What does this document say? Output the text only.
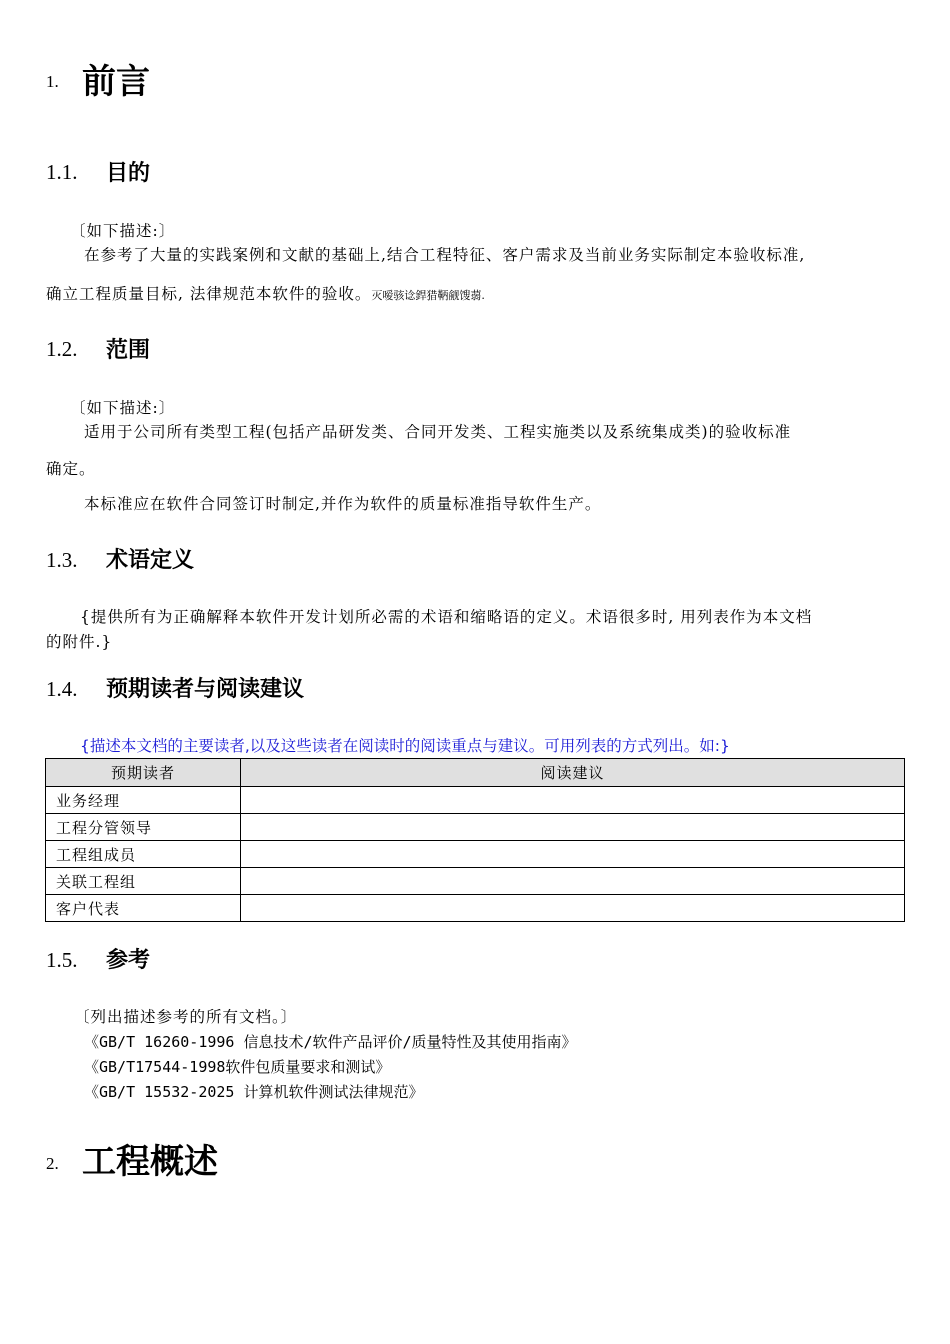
1. 前言
1.1. 目的
〔如下描述:〕
在参考了大量的实践案例和文献的基础上,结合工程特征、客户需求及当前业务实际制定本验收标准,
确立工程质量目标, 法律规范本软件的验收。灭嗳骇谂銲猎鞆觎馊蒻.
1.2. 范围
〔如下描述:〕
适用于公司所有类型工程(包括产品研发类、合同开发类、工程实施类以及系统集成类)的验收标准
确定。
本标准应在软件合同签订时制定,并作为软件的质量标准指导软件生产。
1.3. 术语定义
{提供所有为正确解释本软件开发计划所必需的术语和缩略语的定义。术语很多时, 用列表作为本文档
的附件.}
1.4. 预期读者与阅读建议
{描述本文档的主要读者,以及这些读者在阅读时的阅读重点与建议。可用列表的方式列出。如:}
预期读者	阅读建议
业务经理	
工程分管领导	
工程组成员	
关联工程组	
客户代表	
1.5. 参考
〔列出描述参考的所有文档。〕
《GB/T 16260-1996 信息技术/软件产品评价/质量特性及其使用指南》
《GB/T17544-1998软件包质量要求和测试》
《GB/T 15532-2025 计算机软件测试法律规范》
2. 工程概述
